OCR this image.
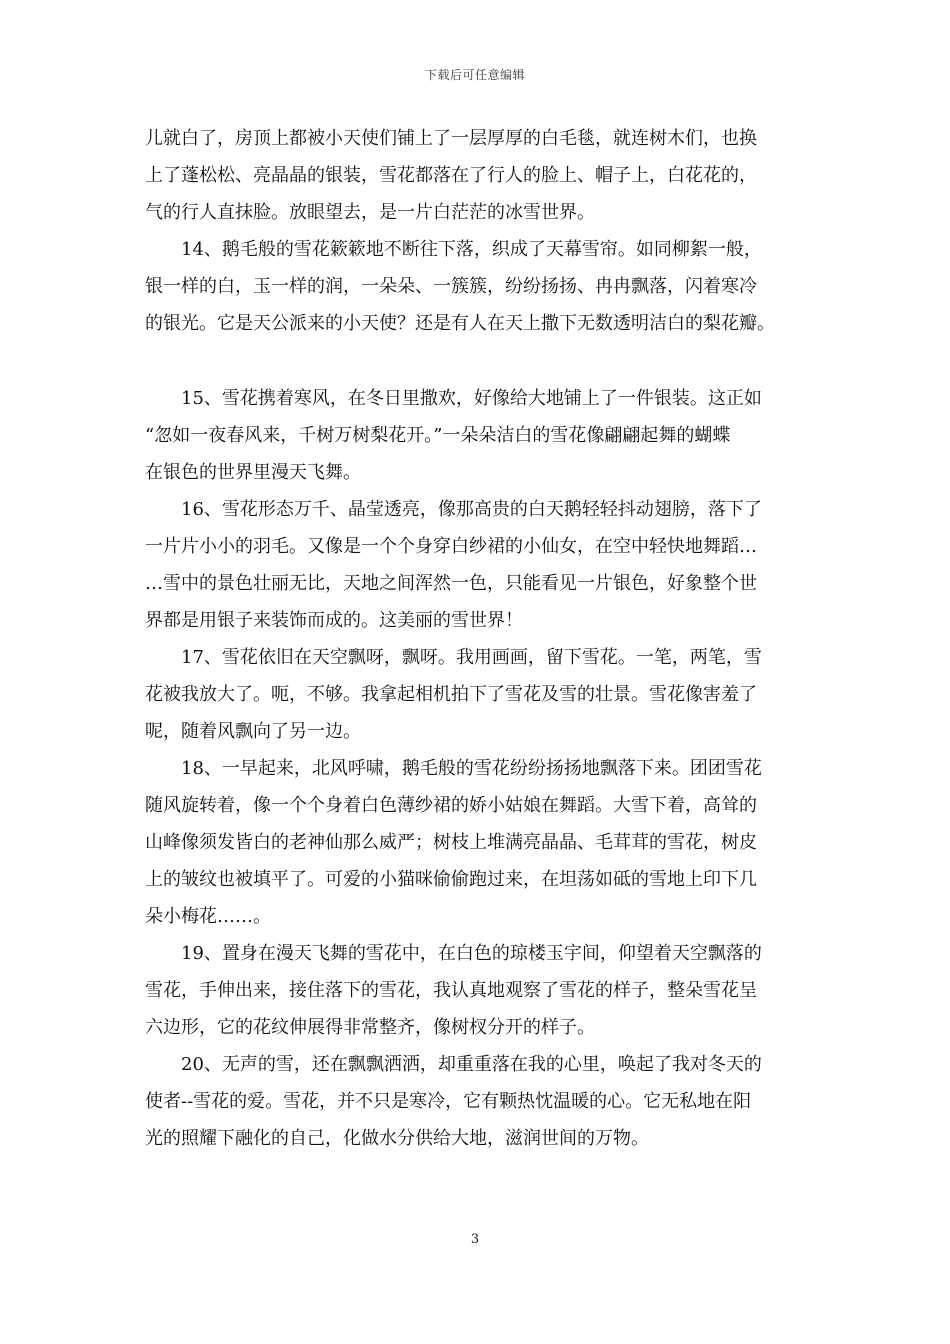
下载后可任意编辑
儿就白了，房顶上都被小天使们铺上了一层厚厚的白毛毯，就连树木们，也换
上了蓬松松、亮晶晶的银装，雪花都落在了行人的脸上、帽子上，白花花的，
气的行人直抹脸。放眼望去，是一片白茫茫的冰雪世界。
14、鹅毛般的雪花簌簌地不断往下落，织成了天幕雪帘。如同柳絮一般，
银一样的白，玉一样的润，一朵朵、一簇簇，纷纷扬扬、冉冉飘落，闪着寒冷
的银光。它是天公派来的小天使？还是有人在天上撒下无数透明洁白的梨花瓣。
15、雪花携着寒风，在冬日里撒欢，好像给大地铺上了一件银装。这正如
“忽如一夜春风来，千树万树梨花开。”一朵朵洁白的雪花像翩翩起舞的蝴蝶
在银色的世界里漫天飞舞。
16、雪花形态万千、晶莹透亮，像那高贵的白天鹅轻轻抖动翅膀，落下了
一片片小小的羽毛。又像是一个个身穿白纱裙的小仙女，在空中轻快地舞蹈…
…雪中的景色壮丽无比，天地之间浑然一色，只能看见一片银色，好象整个世
界都是用银子来装饰而成的。这美丽的雪世界！
17、雪花依旧在天空飘呀，飘呀。我用画画，留下雪花。一笔，两笔，雪
花被我放大了。呃，不够。我拿起相机拍下了雪花及雪的壮景。雪花像害羞了
呢，随着风飘向了另一边。
18、一早起来，北风呼啸，鹅毛般的雪花纷纷扬扬地飘落下来。团团雪花
随风旋转着，像一个个身着白色薄纱裙的娇小姑娘在舞蹈。大雪下着，高耸的
山峰像须发皆白的老神仙那么威严；树枝上堆满亮晶晶、毛茸茸的雪花，树皮
上的皱纹也被填平了。可爱的小猫咪偷偷跑过来，在坦荡如砥的雪地上印下几
朵小梅花……。
19、置身在漫天飞舞的雪花中，在白色的琼楼玉宇间，仰望着天空飘落的
雪花，手伸出来，接住落下的雪花，我认真地观察了雪花的样子，整朵雪花呈
六边形，它的花纹伸展得非常整齐，像树杈分开的样子。
20、无声的雪，还在飘飘洒洒，却重重落在我的心里，唤起了我对冬天的
使者--雪花的爱。雪花，并不只是寒冷，它有颗热忱温暖的心。它无私地在阳
光的照耀下融化的自己，化做水分供给大地，滋润世间的万物。
3
